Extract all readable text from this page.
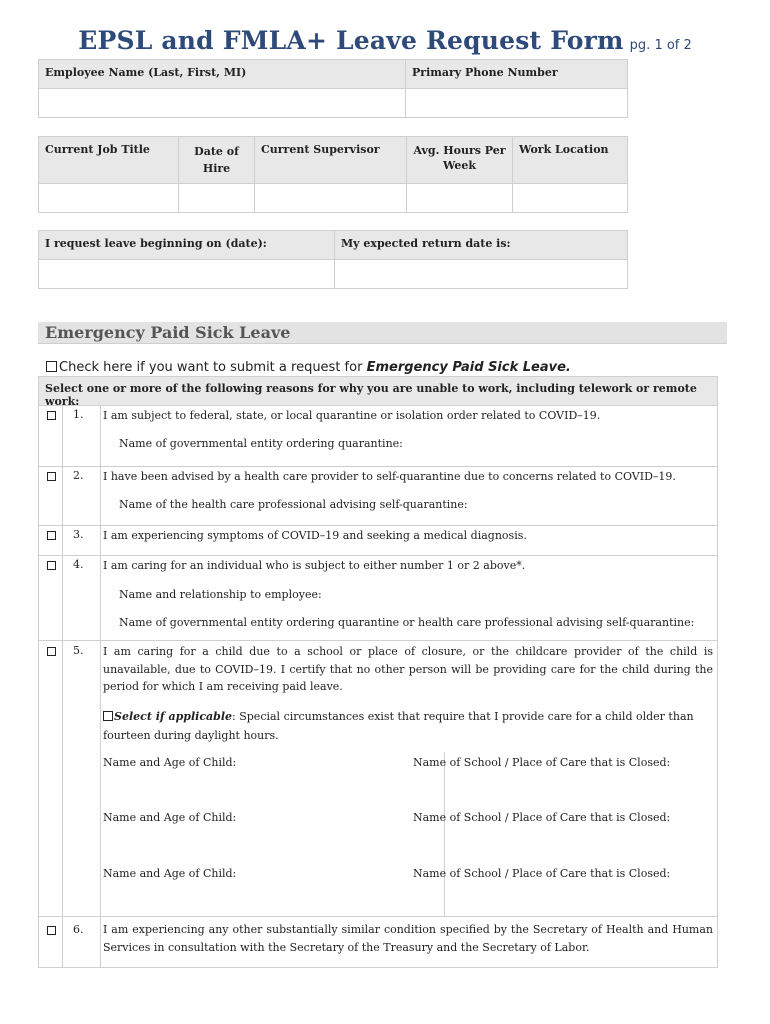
EPSL and FMLA+ Leave Request Form pg. 1 of 2
Employee Name (Last, First, MI)	Primary Phone Number

Current Job Title	Date of Hire	Current Supervisor	Avg. Hours Per Week	Work Location

I request leave beginning on (date):	My expected return date is:

Emergency Paid Sick Leave
Check here if you want to submit a request for Emergency Paid Sick Leave.
Select one or more of the following reasons for why you are unable to work, including telework or remote work:
1. I am subject to federal, state, or local quarantine or isolation order related to COVID–19.
Name of governmental entity ordering quarantine:
2. I have been advised by a health care provider to self-quarantine due to concerns related to COVID–19.
Name of the health care professional advising self-quarantine:
3. I am experiencing symptoms of COVID–19 and seeking a medical diagnosis.
4. I am caring for an individual who is subject to either number 1 or 2 above*.
Name and relationship to employee:
Name of governmental entity ordering quarantine or health care professional advising self-quarantine:
5. I am caring for a child due to a school or place of closure, or the childcare provider of the child is unavailable, due to COVID–19. I certify that no other person will be providing care for the child during the period for which I am receiving paid leave.
Select if applicable: Special circumstances exist that require that I provide care for a child older than fourteen during daylight hours.
Name and Age of Child:	Name of School / Place of Care that is Closed:
Name and Age of Child:	Name of School / Place of Care that is Closed:
Name and Age of Child:	Name of School / Place of Care that is Closed:
6. I am experiencing any other substantially similar condition specified by the Secretary of Health and Human Services in consultation with the Secretary of the Treasury and the Secretary of Labor.
